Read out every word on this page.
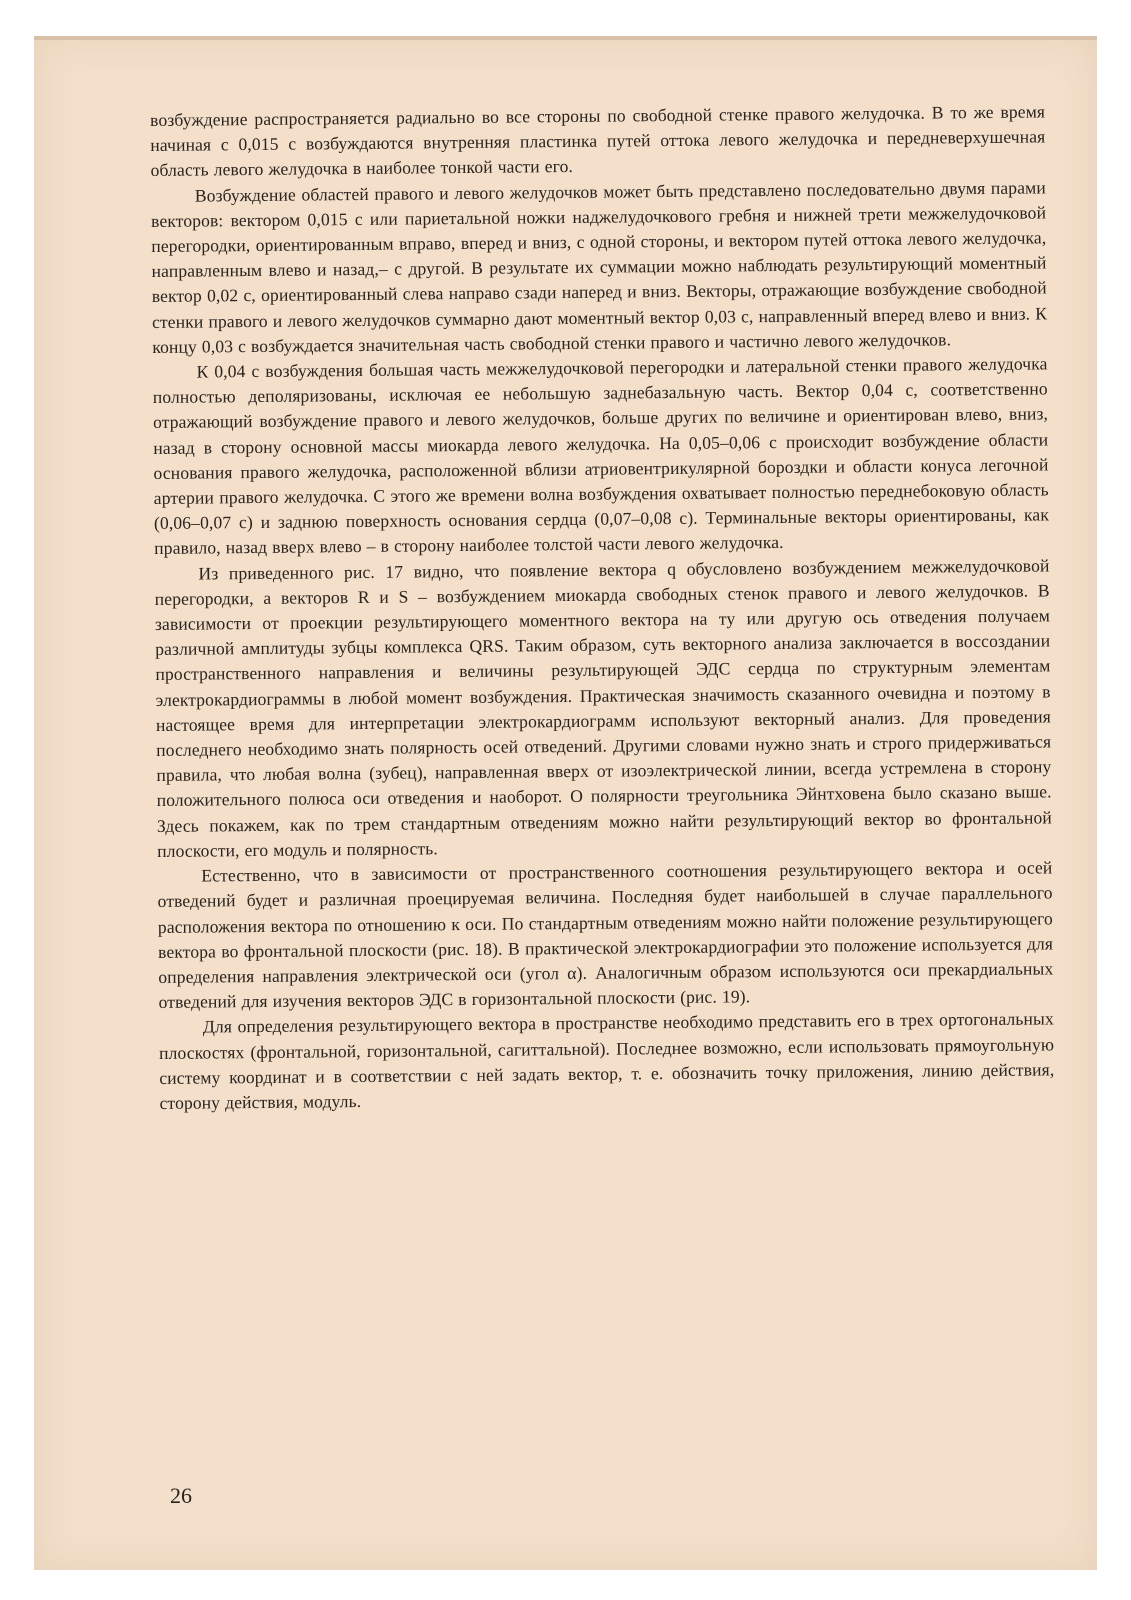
возбуждение распространяется радиально во все стороны по свободной стенке правого желудочка. В то же время начиная с 0,015 с возбуждаются внутренняя пластинка путей оттока левого желудочка и передневерхушечная область левого желудочка в наиболее тонкой части его.

Возбуждение областей правого и левого желудочков может быть представлено последовательно двумя парами векторов: вектором 0,015 с или париетальной ножки наджелудочкового гребня и нижней трети межжелудочковой перегородки, ориентированным вправо, вперед и вниз, с одной стороны, и вектором путей оттока левого желудочка, направленным влево и назад,– с другой. В результате их суммации можно наблюдать результирующий моментный вектор 0,02 с, ориентированный слева направо сзади наперед и вниз. Векторы, отражающие возбуждение свободной стенки правого и левого желудочков суммарно дают моментный вектор 0,03 с, направленный вперед влево и вниз. К концу 0,03 с возбуждается значительная часть свободной стенки правого и частично левого желудочков.

К 0,04 с возбуждения большая часть межжелудочковой перегородки и латеральной стенки правого желудочка полностью деполяризованы, исключая ее небольшую заднебазальную часть. Вектор 0,04 с, соответственно отражающий возбуждение правого и левого желудочков, больше других по величине и ориентирован влево, вниз, назад в сторону основной массы миокарда левого желудочка. На 0,05–0,06 с происходит возбуждение области основания правого желудочка, расположенной вблизи атриовентрикулярной бороздки и области конуса легочной артерии правого желудочка. С этого же времени волна возбуждения охватывает полностью переднебоковую область (0,06–0,07 с) и заднюю поверхность основания сердца (0,07–0,08 с). Терминальные векторы ориентированы, как правило, назад вверх влево – в сторону наиболее толстой части левого желудочка.

Из приведенного рис. 17 видно, что появление вектора q обусловлено возбуждением межжелудочковой перегородки, а векторов R и S – возбуждением миокарда свободных стенок правого и левого желудочков. В зависимости от проекции результирующего моментного вектора на ту или другую ось отведения получаем различной амплитуды зубцы комплекса QRS. Таким образом, суть векторного анализа заключается в воссоздании пространственного направления и величины результирующей ЭДС сердца по структурным элементам электрокардиограммы в любой момент возбуждения. Практическая значимость сказанного очевидна и поэтому в настоящее время для интерпретации электрокардиограмм используют векторный анализ. Для проведения последнего необходимо знать полярность осей отведений. Другими словами нужно знать и строго придерживаться правила, что любая волна (зубец), направленная вверх от изоэлектрической линии, всегда устремлена в сторону положительного полюса оси отведения и наоборот. О полярности треугольника Эйнтховена было сказано выше. Здесь покажем, как по трем стандартным отведениям можно найти результирующий вектор во фронтальной плоскости, его модуль и полярность.

Естественно, что в зависимости от пространственного соотношения результирующего вектора и осей отведений будет и различная проецируемая величина. Последняя будет наибольшей в случае параллельного расположения вектора по отношению к оси. По стандартным отведениям можно найти положение результирующего вектора во фронтальной плоскости (рис. 18). В практической электрокардиографии это положение используется для определения направления электрической оси (угол α). Аналогичным образом используются оси прекардиальных отведений для изучения векторов ЭДС в горизонтальной плоскости (рис. 19).

Для определения результирующего вектора в пространстве необходимо представить его в трех ортогональных плоскостях (фронтальной, горизонтальной, сагиттальной). Последнее возможно, если использовать прямоугольную систему координат и в соответствии с ней задать вектор, т. е. обозначить точку приложения, линию действия, сторону действия, модуль.

26
